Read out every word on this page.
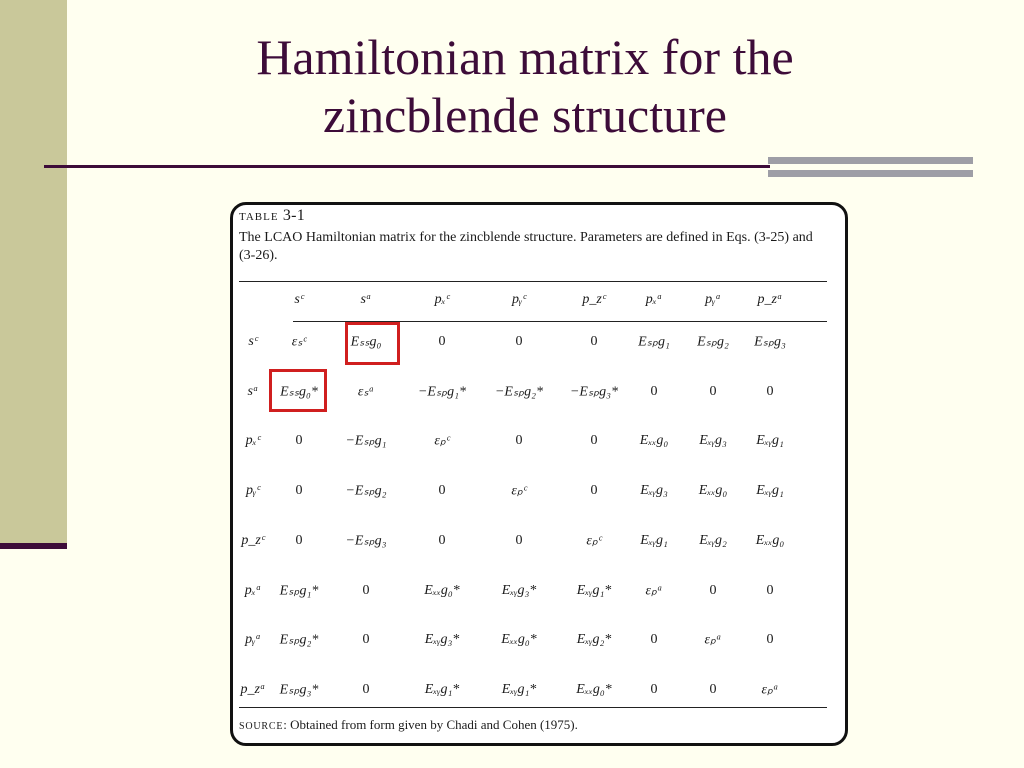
Hamiltonian matrix for the
zincblende structure
TABLE 3-1

The LCAO Hamiltonian matrix for the zincblende structure. Parameters are defined in Eqs. (3-25) and (3-26).

sᶜ	sᵃ	pₓᶜ	pᵧᶜ	p_zᶜ	pₓᵃ	pᵧᵃ	p_zᵃ
sᶜ εₛᶜ	Eₛₛg₀	0	0	0	Eₛₚg₁ Eₛₚg₂ Eₛₚg₃
sᵃ Eₛₛg₀*	εₛᵃ	−Eₛₚg₁* −Eₛₚg₂* −Eₛₚg₃* 0	0	0
pₓᶜ	0	−Eₛₚg₁	εₚᶜ	0	0	Eₓₓg₀ Eₓᵧg₃ Eₓᵧg₁
pᵧᶜ	0	−Eₛₚg₂	0	εₚᶜ	0	Eₓᵧg₃ Eₓₓg₀ Eₓᵧg₁
p_zᶜ 0	−Eₛₚg₃	0	0	εₚᶜ	Eₓᵧg₁ Eₓᵧg₂ Eₓₓg₀
pₓᵃ Eₛₚg₁*	0	Eₓₓg₀*	Eₓᵧg₃*	Eₓᵧg₁* εₚᵃ	0	0
pᵧᵃ Eₛₚg₂*	0	Eₓᵧg₃*	Eₓₓg₀*	Eₓᵧg₂*	0	εₚᵃ	0
p_zᵃ Eₛₚg₃*	0	Eₓᵧg₁*	Eₓᵧg₁*	Eₓₓg₀*	0	0	εₚᵃ
SOURCE: Obtained from form given by Chadi and Cohen (1975).
